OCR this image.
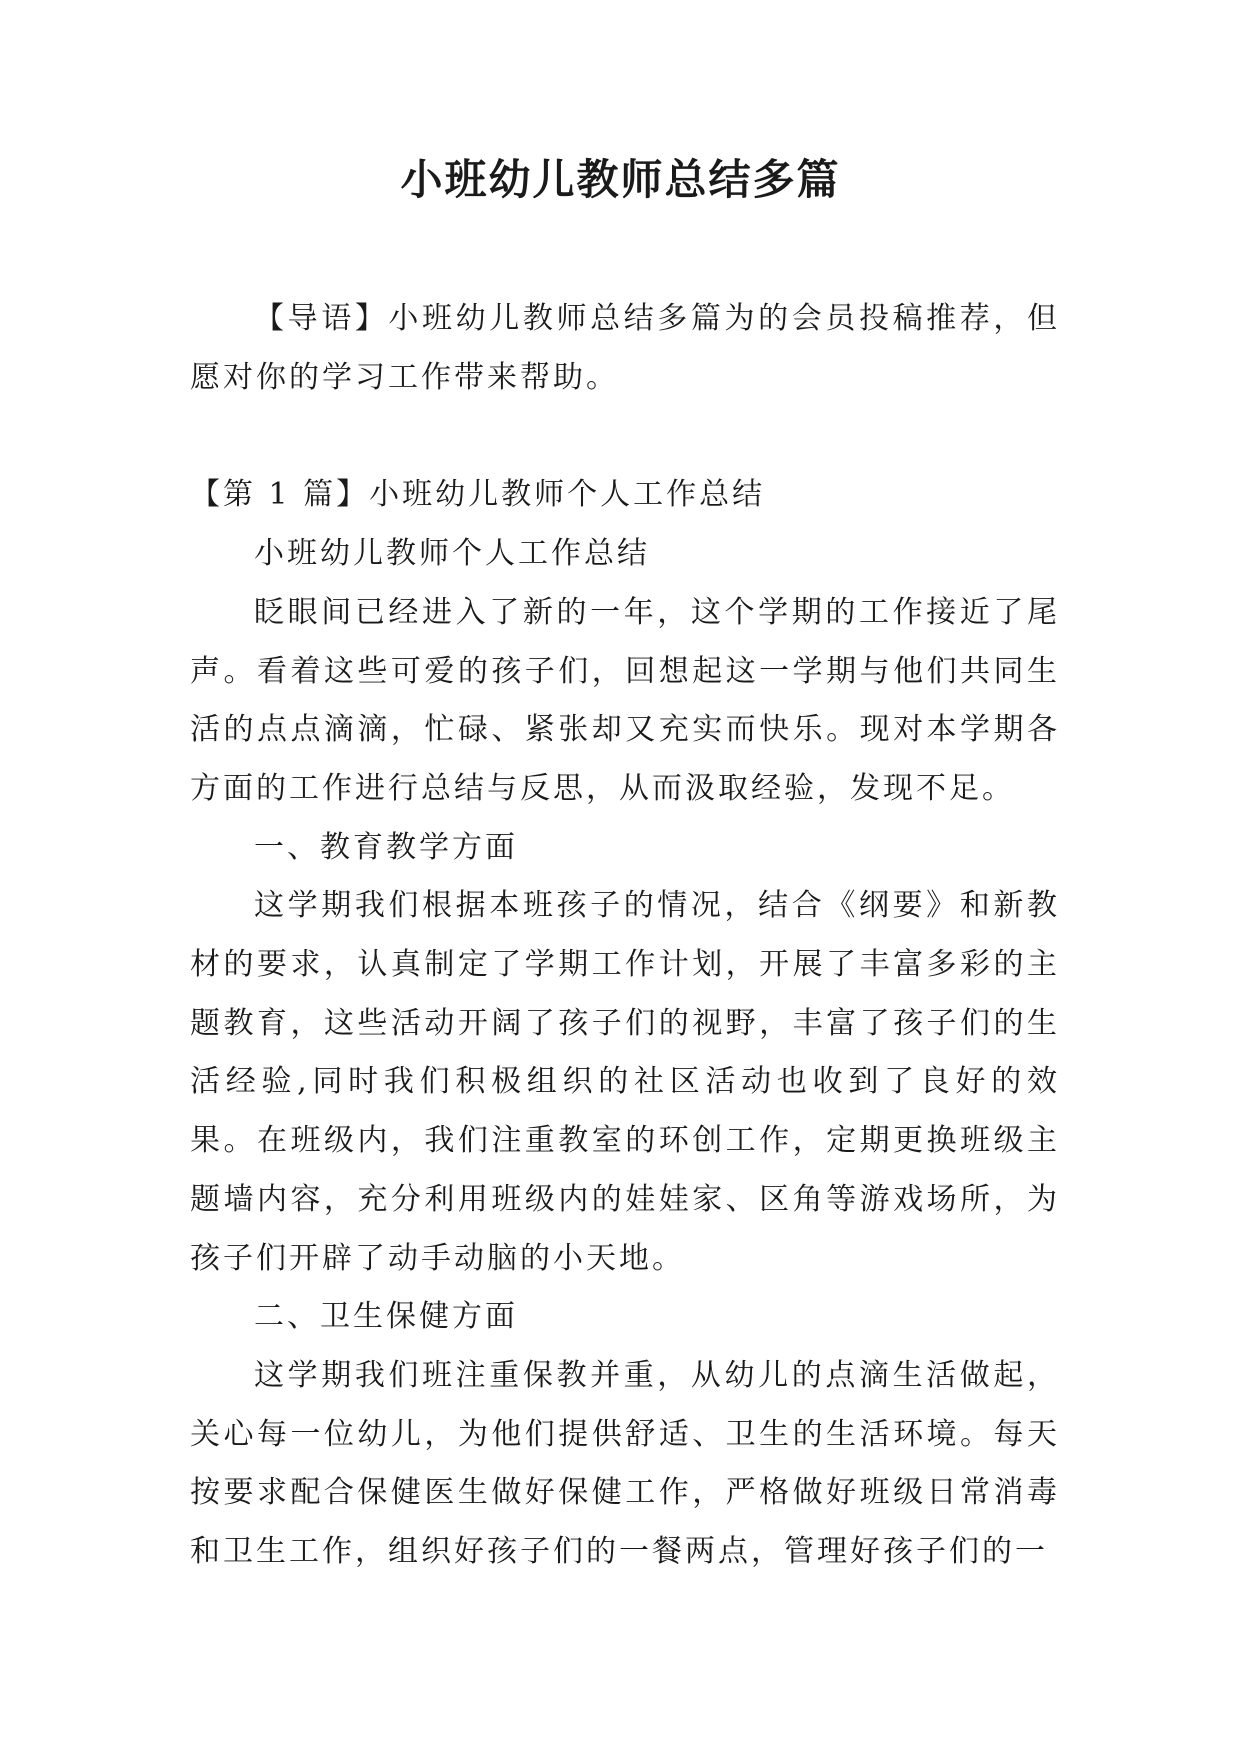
小班幼儿教师总结多篇

【导语】小班幼儿教师总结多篇为的会员投稿推荐，但愿对你的学习工作带来帮助。

【第 1 篇】小班幼儿教师个人工作总结

小班幼儿教师个人工作总结

眨眼间已经进入了新的一年，这个学期的工作接近了尾声。看着这些可爱的孩子们，回想起这一学期与他们共同生活的点点滴滴，忙碌、紧张却又充实而快乐。现对本学期各方面的工作进行总结与反思，从而汲取经验，发现不足。

一、教育教学方面

这学期我们根据本班孩子的情况，结合《纲要》和新教材的要求，认真制定了学期工作计划，开展了丰富多彩的主题教育，这些活动开阔了孩子们的视野，丰富了孩子们的生活经验,同时我们积极组织的社区活动也收到了良好的效果。在班级内，我们注重教室的环创工作，定期更换班级主题墙内容，充分利用班级内的娃娃家、区角等游戏场所，为孩子们开辟了动手动脑的小天地。

二、卫生保健方面

这学期我们班注重保教并重，从幼儿的点滴生活做起，关心每一位幼儿，为他们提供舒适、卫生的生活环境。每天按要求配合保健医生做好保健工作，严格做好班级日常消毒和卫生工作，组织好孩子们的一餐两点，管理好孩子们的一
